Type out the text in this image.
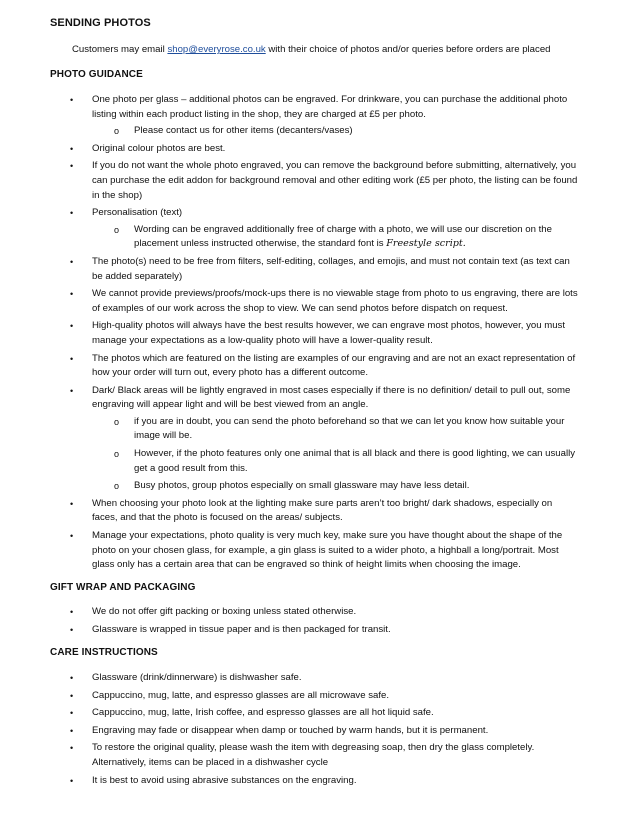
SENDING PHOTOS

Customers may email shop@everyrose.co.uk with their choice of photos and/or queries before orders are placed

PHOTO GUIDANCE
• One photo per glass – additional photos can be engraved. For drinkware, you can purchase the additional photo listing within each product listing in the shop, they are charged at £5 per photo.
o Please contact us for other items (decanters/vases)
• Original colour photos are best.
• If you do not want the whole photo engraved, you can remove the background before submitting, alternatively, you can purchase the edit addon for background removal and other editing work (£5 per photo, the listing can be found in the shop)
• Personalisation (text)
o Wording can be engraved additionally free of charge with a photo, we will use our discretion on the placement unless instructed otherwise, the standard font is Freestyle script.
• The photo(s) need to be free from filters, self-editing, collages, and emojis, and must not contain text (as text can be added separately)
• We cannot provide previews/proofs/mock-ups there is no viewable stage from photo to us engraving, there are lots of examples of our work across the shop to view. We can send photos before dispatch on request.
• High-quality photos will always have the best results however, we can engrave most photos, however, you must manage your expectations as a low-quality photo will have a lower-quality result.
• The photos which are featured on the listing are examples of our engraving and are not an exact representation of how your order will turn out, every photo has a different outcome.
• Dark/ Black areas will be lightly engraved in most cases especially if there is no definition/ detail to pull out, some engraving will appear light and will be best viewed from an angle.
o if you are in doubt, you can send the photo beforehand so that we can let you know how suitable your image will be.
o However, if the photo features only one animal that is all black and there is good lighting, we can usually get a good result from this.
o Busy photos, group photos especially on small glassware may have less detail.
• When choosing your photo look at the lighting make sure parts aren’t too bright/ dark shadows, especially on faces, and that the photo is focused on the areas/ subjects.
• Manage your expectations, photo quality is very much key, make sure you have thought about the shape of the photo on your chosen glass, for example, a gin glass is suited to a wider photo, a highball a long/portrait. Most glass only has a certain area that can be engraved so think of height limits when choosing the image.
GIFT WRAP AND PACKAGING
• We do not offer gift packing or boxing unless stated otherwise.
• Glassware is wrapped in tissue paper and is then packaged for transit.
CARE INSTRUCTIONS
• Glassware (drink/dinnerware) is dishwasher safe.
• Cappuccino, mug, latte, and espresso glasses are all microwave safe.
• Cappuccino, mug, latte, Irish coffee, and espresso glasses are all hot liquid safe.
• Engraving may fade or disappear when damp or touched by warm hands, but it is permanent.
• To restore the original quality, please wash the item with degreasing soap, then dry the glass completely. Alternatively, items can be placed in a dishwasher cycle
• It is best to avoid using abrasive substances on the engraving.
